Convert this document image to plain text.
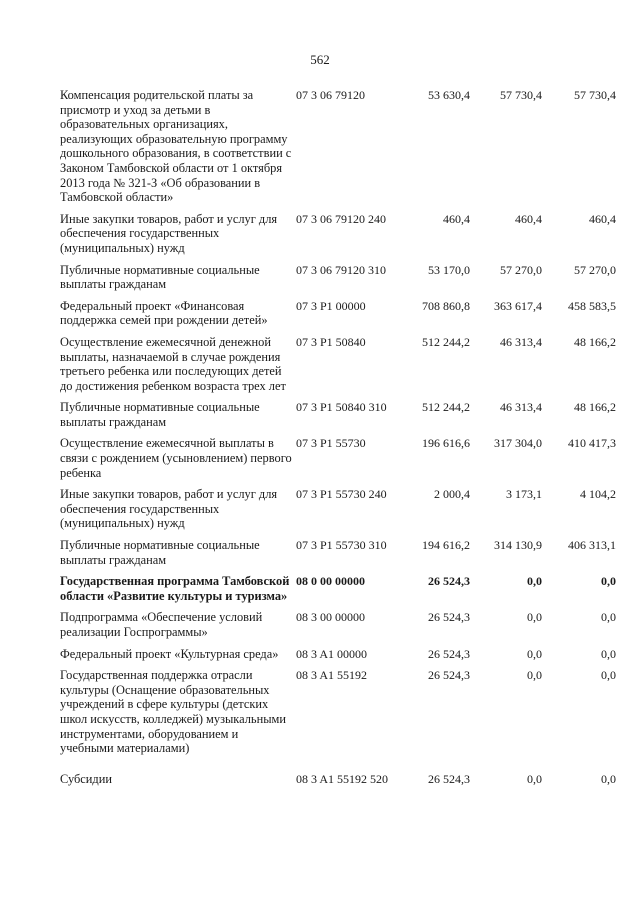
562
Компенсация родительской платы за присмотр и уход за детьми в образовательных организациях, реализующих образовательную программу дошкольного образования, в соответствии с Законом Тамбовской области от 1 октября 2013 года № 321-З «Об образовании в Тамбовской области»
07 3 06 79120	53 630,4	57 730,4	57 730,4
Иные закупки товаров, работ и услуг для обеспечения государственных (муниципальных) нужд
07 3 06 79120 240	460,4	460,4	460,4
Публичные нормативные социальные выплаты гражданам
07 3 06 79120 310	53 170,0	57 270,0	57 270,0
Федеральный проект «Финансовая поддержка семей при рождении детей»
07 3 P1 00000	708 860,8	363 617,4	458 583,5
Осуществление ежемесячной денежной выплаты, назначаемой в случае рождения третьего ребенка или последующих детей до достижения ребенком возраста трех лет
07 3 P1 50840	512 244,2	46 313,4	48 166,2
Публичные нормативные социальные выплаты гражданам
07 3 P1 50840 310	512 244,2	46 313,4	48 166,2
Осуществление ежемесячной выплаты в связи с рождением (усыновлением) первого ребенка
07 3 P1 55730	196 616,6	317 304,0	410 417,3
Иные закупки товаров, работ и услуг для обеспечения государственных (муниципальных) нужд
07 3 P1 55730 240	2 000,4	3 173,1	4 104,2
Публичные нормативные социальные выплаты гражданам
07 3 P1 55730 310	194 616,2	314 130,9	406 313,1
Государственная программа Тамбовской области «Развитие культуры и туризма»
08 0 00 00000	26 524,3	0,0	0,0
Подпрограмма «Обеспечение условий реализации Госпрограммы»
08 3 00 00000	26 524,3	0,0	0,0
Федеральный проект «Культурная среда»	08 3 A1 00000	26 524,3	0,0	0,0
Государственная поддержка отрасли культуры (Оснащение образовательных учреждений в сфере культуры (детских школ искусств, колледжей) музыкальными инструментами, оборудованием и учебными материалами)
08 3 A1 55192	26 524,3	0,0	0,0
Субсидии	08 3 A1 55192 520	26 524,3	0,0	0,0
